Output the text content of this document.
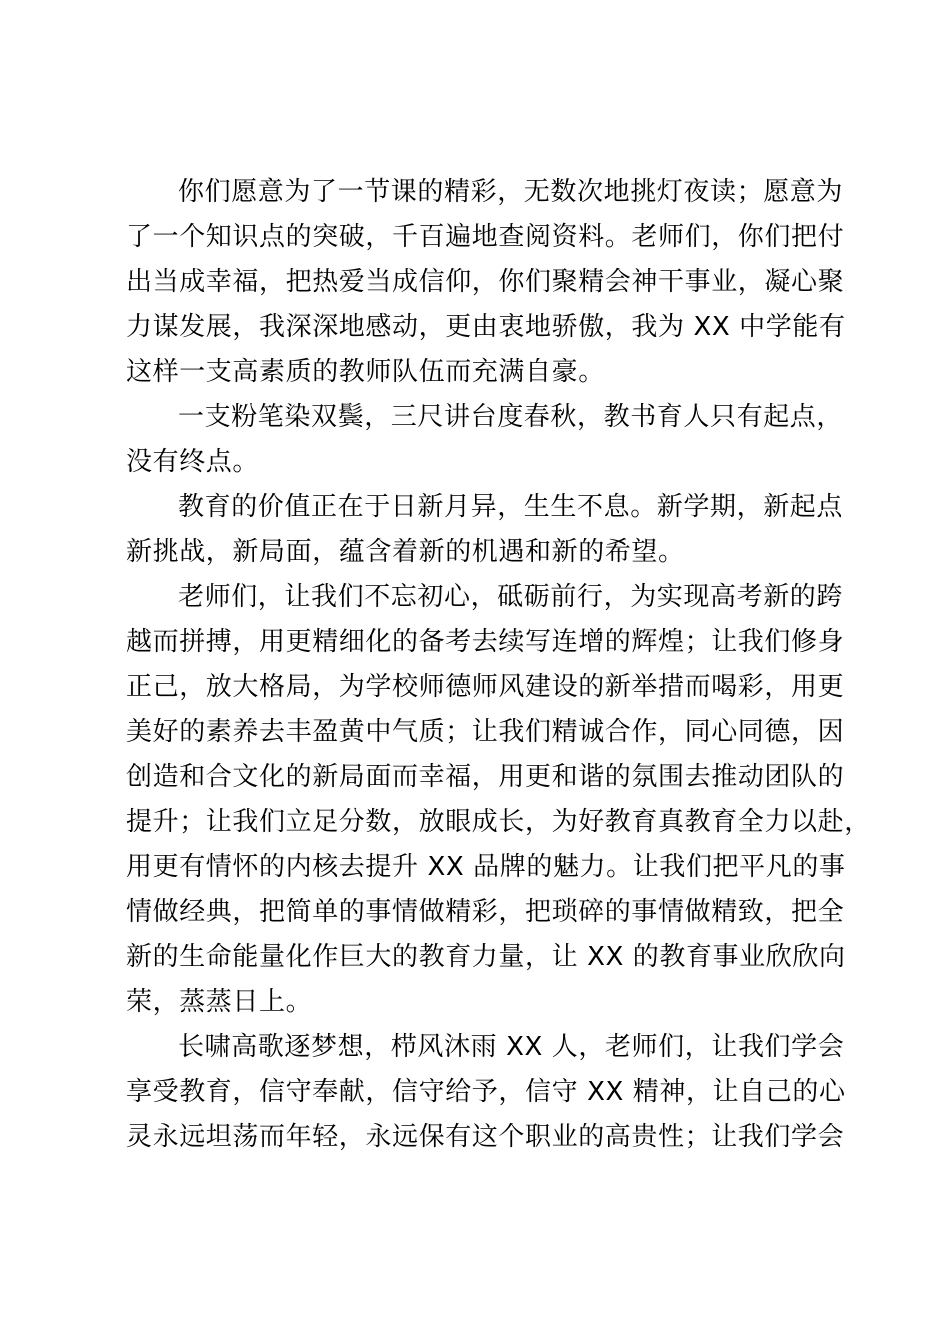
你们愿意为了一节课的精彩，无数次地挑灯夜读；愿意为
了一个知识点的突破，千百遍地查阅资料。老师们，你们把付
出当成幸福，把热爱当成信仰，你们聚精会神干事业，凝心聚
力谋发展，我深深地感动，更由衷地骄傲，我为 XX 中学能有
这样一支高素质的教师队伍而充满自豪。
一支粉笔染双鬓，三尺讲台度春秋，教书育人只有起点，
没有终点。
教育的价值正在于日新月异，生生不息。新学期，新起点
新挑战，新局面，蕴含着新的机遇和新的希望。
老师们，让我们不忘初心，砥砺前行，为实现高考新的跨
越而拼搏，用更精细化的备考去续写连增的辉煌；让我们修身
正己，放大格局，为学校师德师风建设的新举措而喝彩，用更
美好的素养去丰盈黄中气质；让我们精诚合作，同心同德，因
创造和合文化的新局面而幸福，用更和谐的氛围去推动团队的
提升；让我们立足分数，放眼成长，为好教育真教育全力以赴，
用更有情怀的内核去提升 XX 品牌的魅力。让我们把平凡的事
情做经典，把简单的事情做精彩，把琐碎的事情做精致，把全
新的生命能量化作巨大的教育力量，让 XX 的教育事业欣欣向
荣，蒸蒸日上。
长啸高歌逐梦想，栉风沐雨 XX 人，老师们，让我们学会
享受教育，信守奉献，信守给予，信守 XX 精神，让自己的心
灵永远坦荡而年轻，永远保有这个职业的高贵性；让我们学会
